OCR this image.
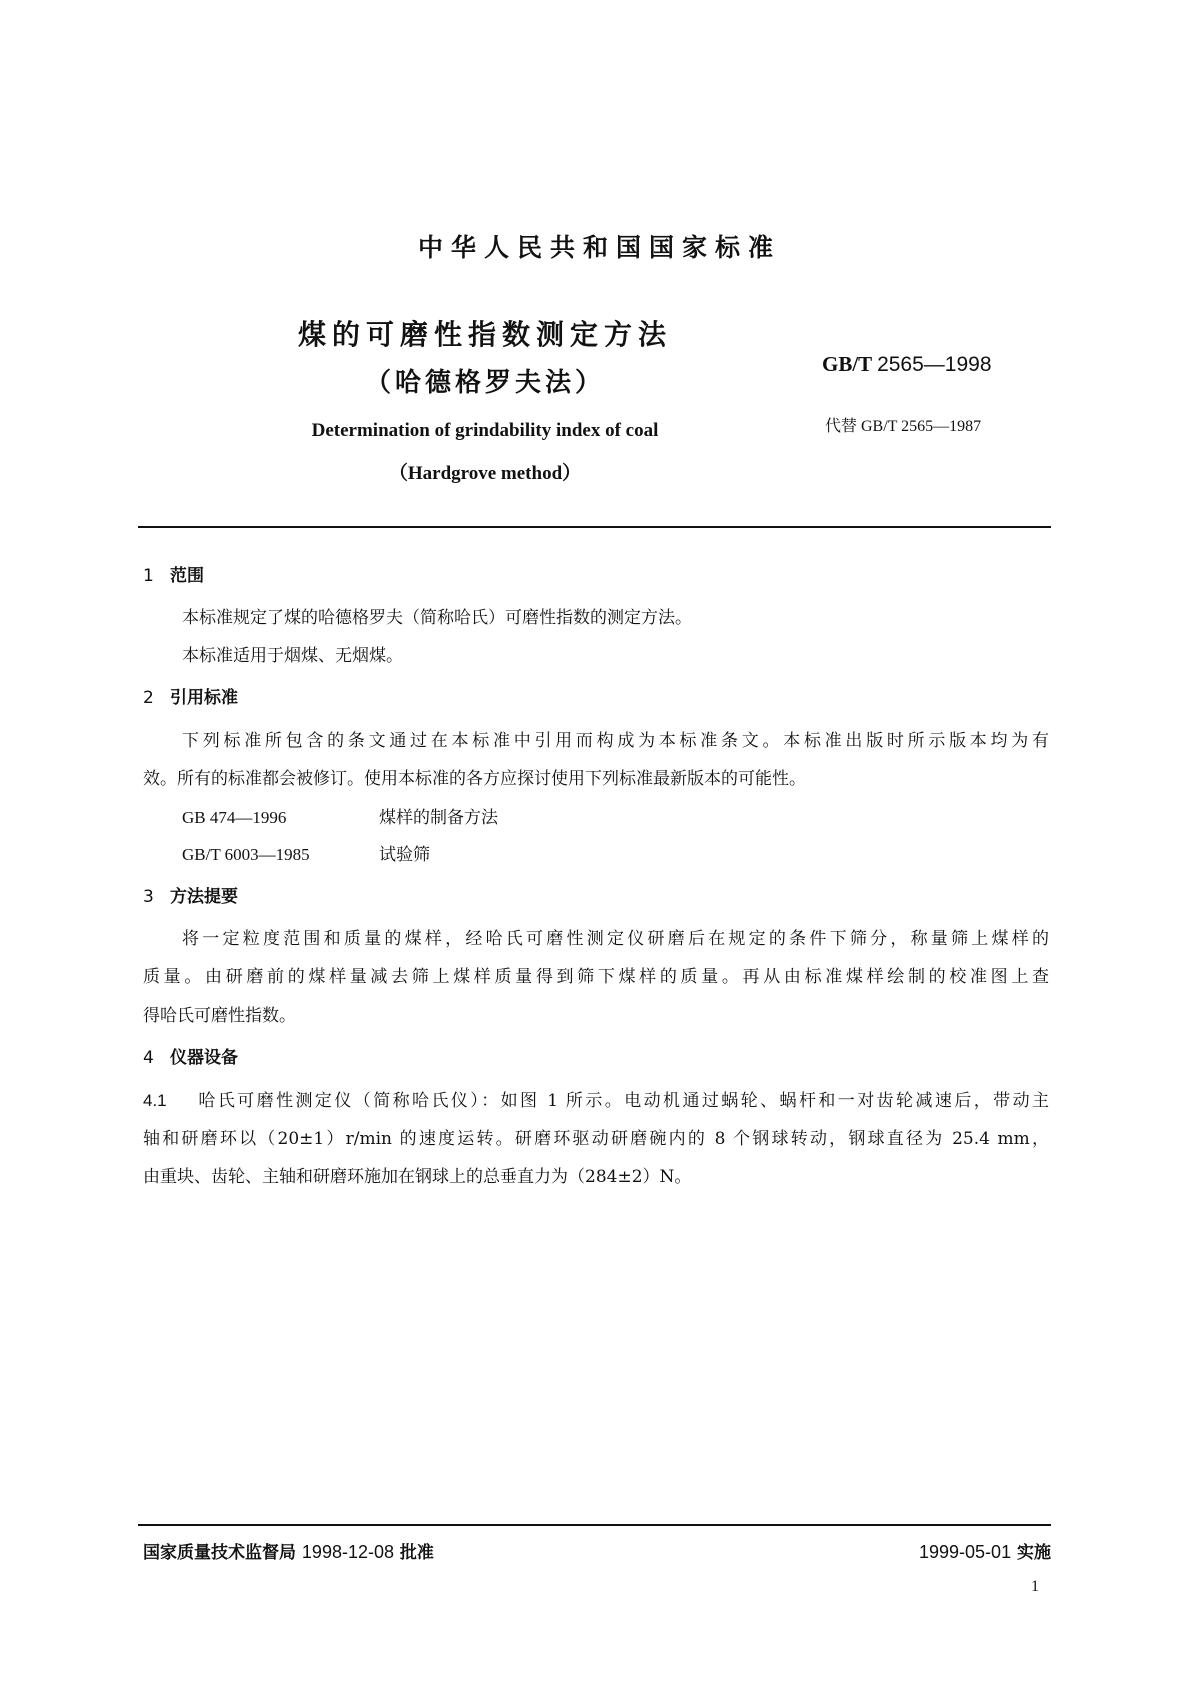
中华人民共和国国家标准
煤的可磨性指数测定方法
（哈德格罗夫法）
Determination of grindability index of coal
（Hardgrove method）
GB/T 2565—1998
代替 GB/T 2565—1987
1 范围
本标准规定了煤的哈德格罗夫（简称哈氏）可磨性指数的测定方法。
本标准适用于烟煤、无烟煤。
2 引用标准
下列标准所包含的条文通过在本标准中引用而构成为本标准条文。本标准出版时所示版本均为有
效。所有的标准都会被修订。使用本标准的各方应探讨使用下列标准最新版本的可能性。
GB 474—1996	煤样的制备方法
GB/T 6003—1985	试验筛
3 方法提要
将一定粒度范围和质量的煤样，经哈氏可磨性测定仪研磨后在规定的条件下筛分，称量筛上煤样的
质量。由研磨前的煤样量减去筛上煤样质量得到筛下煤样的质量。再从由标准煤样绘制的校准图上查
得哈氏可磨性指数。
4 仪器设备
4.1 哈氏可磨性测定仪（简称哈氏仪）：如图 1 所示。电动机通过蜗轮、蜗杆和一对齿轮减速后，带动主
轴和研磨环以（20±1）r/min 的速度运转。研磨环驱动研磨碗内的 8 个钢球转动，钢球直径为 25.4 mm，
由重块、齿轮、主轴和研磨环施加在钢球上的总垂直力为（284±2）N。
国家质量技术监督局 1998-12-08 批准	1999-05-01 实施
1
